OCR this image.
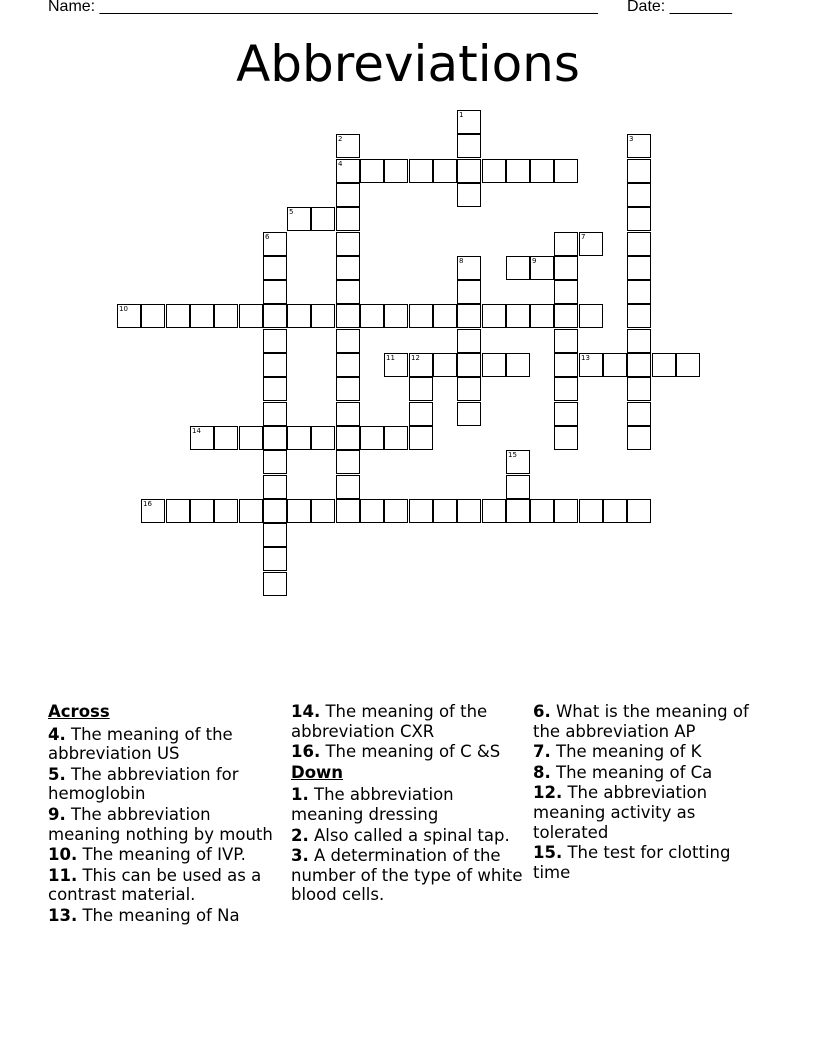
Name: ________________________________________________________ Date: _______
Abbreviations
4
5
9
10
11 12	13
14
16
1
2	3
6
8
15
7
Across
4. The meaning of the abbreviation US
5. The abbreviation for hemoglobin
9. The abbreviation meaning nothing by mouth
10. The meaning of IVP.
11. This can be used as a contrast material.
13. The meaning of Na
14. The meaning of the abbreviation CXR
16. The meaning of C &S
Down
1. The abbreviation meaning dressing
2. Also called a spinal tap.
3. A determination of the number of the type of white blood cells.
6. What is the meaning of the abbreviation AP
7. The meaning of K
8. The meaning of Ca
12. The abbreviation meaning activity as tolerated
15. The test for clotting time
